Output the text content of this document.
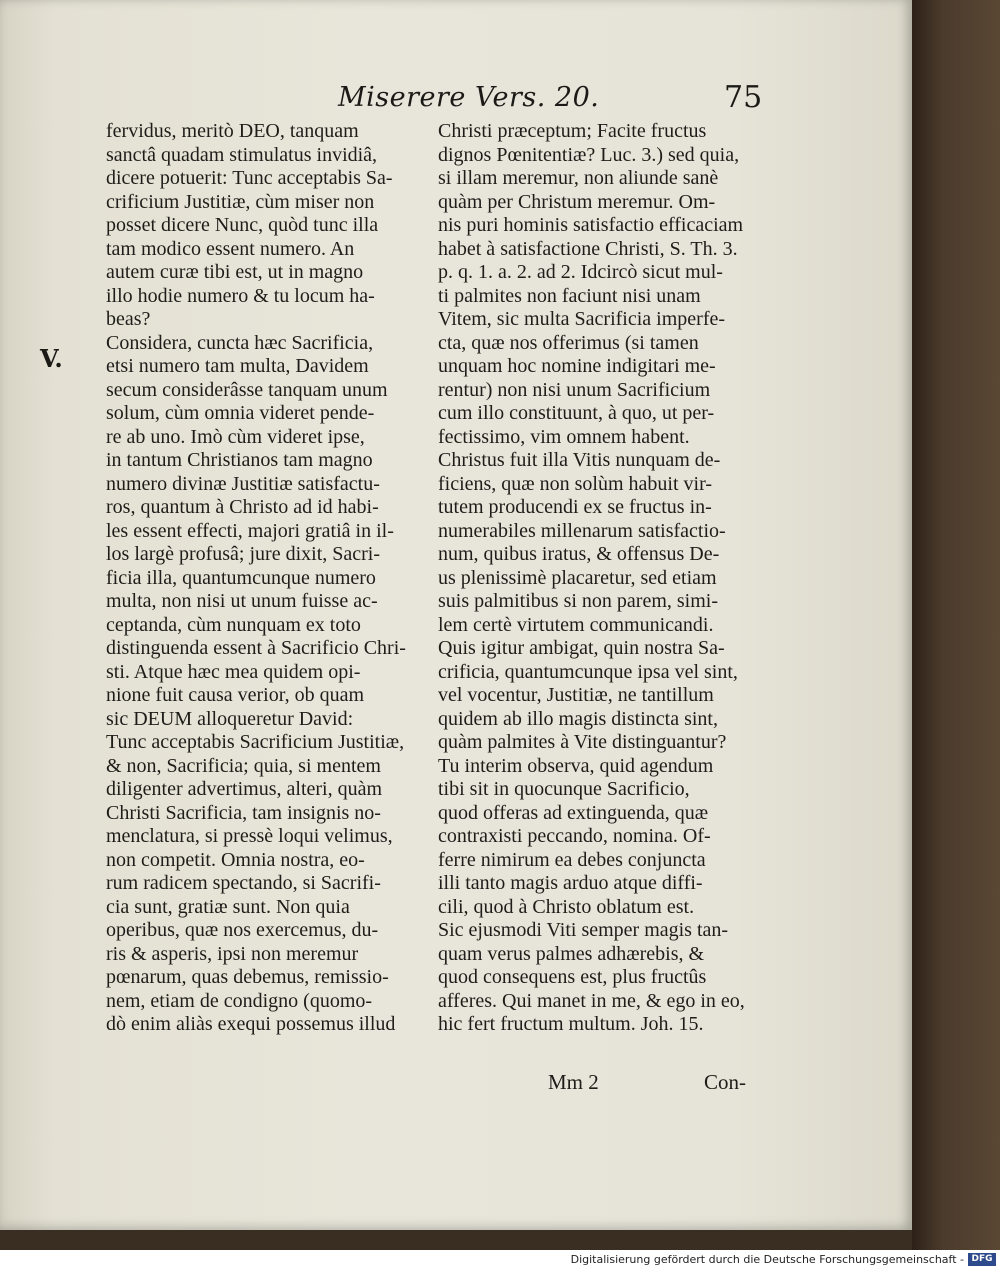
Miserere Vers. 20.	75
V.
fervidus, meritò DEO, tanquam
sanctâ quadam stimulatus invidiâ,
dicere potuerit: Tunc acceptabis Sa-
crificium Justitiæ, cùm miser non
posset dicere Nunc, quòd tunc illa
tam modico essent numero. An
autem curæ tibi est, ut in magno
illo hodie numero & tu locum ha-
beas?
Considera, cuncta hæc Sacrificia,
etsi numero tam multa, Davidem
secum considerâsse tanquam unum
solum, cùm omnia videret pende-
re ab uno. Imò cùm videret ipse,
in tantum Christianos tam magno
numero divinæ Justitiæ satisfactu-
ros, quantum à Christo ad id habi-
les essent effecti, majori gratiâ in il-
los largè profusâ; jure dixit, Sacri-
ficia illa, quantumcunque numero
multa, non nisi ut unum fuisse ac-
ceptanda, cùm nunquam ex toto
distinguenda essent à Sacrificio Chri-
sti. Atque hæc mea quidem opi-
nione fuit causa verior, ob quam
sic DEUM alloqueretur David:
Tunc acceptabis Sacrificium Justitiæ,
& non, Sacrificia; quia, si mentem
diligenter advertimus, alteri, quàm
Christi Sacrificia, tam insignis no-
menclatura, si pressè loqui velimus,
non competit. Omnia nostra, eo-
rum radicem spectando, si Sacrifi-
cia sunt, gratiæ sunt. Non quia
operibus, quæ nos exercemus, du-
ris & asperis, ipsi non meremur
pœnarum, quas debemus, remissio-
nem, etiam de condigno (quomo-
dò enim aliàs exequi possemus illud
Christi præceptum; Facite fructus
dignos Pœnitentiæ? Luc. 3.) sed quia,
si illam meremur, non aliunde sanè
quàm per Christum meremur. Om-
nis puri hominis satisfactio efficaciam
habet à satisfactione Christi, S. Th. 3.
p. q. 1. a. 2. ad 2. Idcircò sicut mul-
ti palmites non faciunt nisi unam
Vitem, sic multa Sacrificia imperfe-
cta, quæ nos offerimus (si tamen
unquam hoc nomine indigitari me-
rentur) non nisi unum Sacrificium
cum illo constituunt, à quo, ut per-
fectissimo, vim omnem habent.
Christus fuit illa Vitis nunquam de-
ficiens, quæ non solùm habuit vir-
tutem producendi ex se fructus in-
numerabiles millenarum satisfactio-
num, quibus iratus, & offensus De-
us plenissimè placaretur, sed etiam
suis palmitibus si non parem, simi-
lem certè virtutem communicandi.
Quis igitur ambigat, quin nostra Sa-
crificia, quantumcunque ipsa vel sint,
vel vocentur, Justitiæ, ne tantillum
quidem ab illo magis distincta sint,
quàm palmites à Vite distinguantur?
Tu interim observa, quid agendum
tibi sit in quocunque Sacrificio,
quod offeras ad extinguenda, quæ
contraxisti peccando, nomina. Of-
ferre nimirum ea debes conjuncta
illi tanto magis arduo atque diffi-
cili, quod à Christo oblatum est.
Sic ejusmodi Viti semper magis tan-
quam verus palmes adhærebis, &
quod consequens est, plus fructûs
afferes. Qui manet in me, & ego in eo,
hic fert fructum multum. Joh. 15.
Mm 2	Con-
Digitalisierung gefördert durch die Deutsche Forschungsgemeinschaft - DFG
